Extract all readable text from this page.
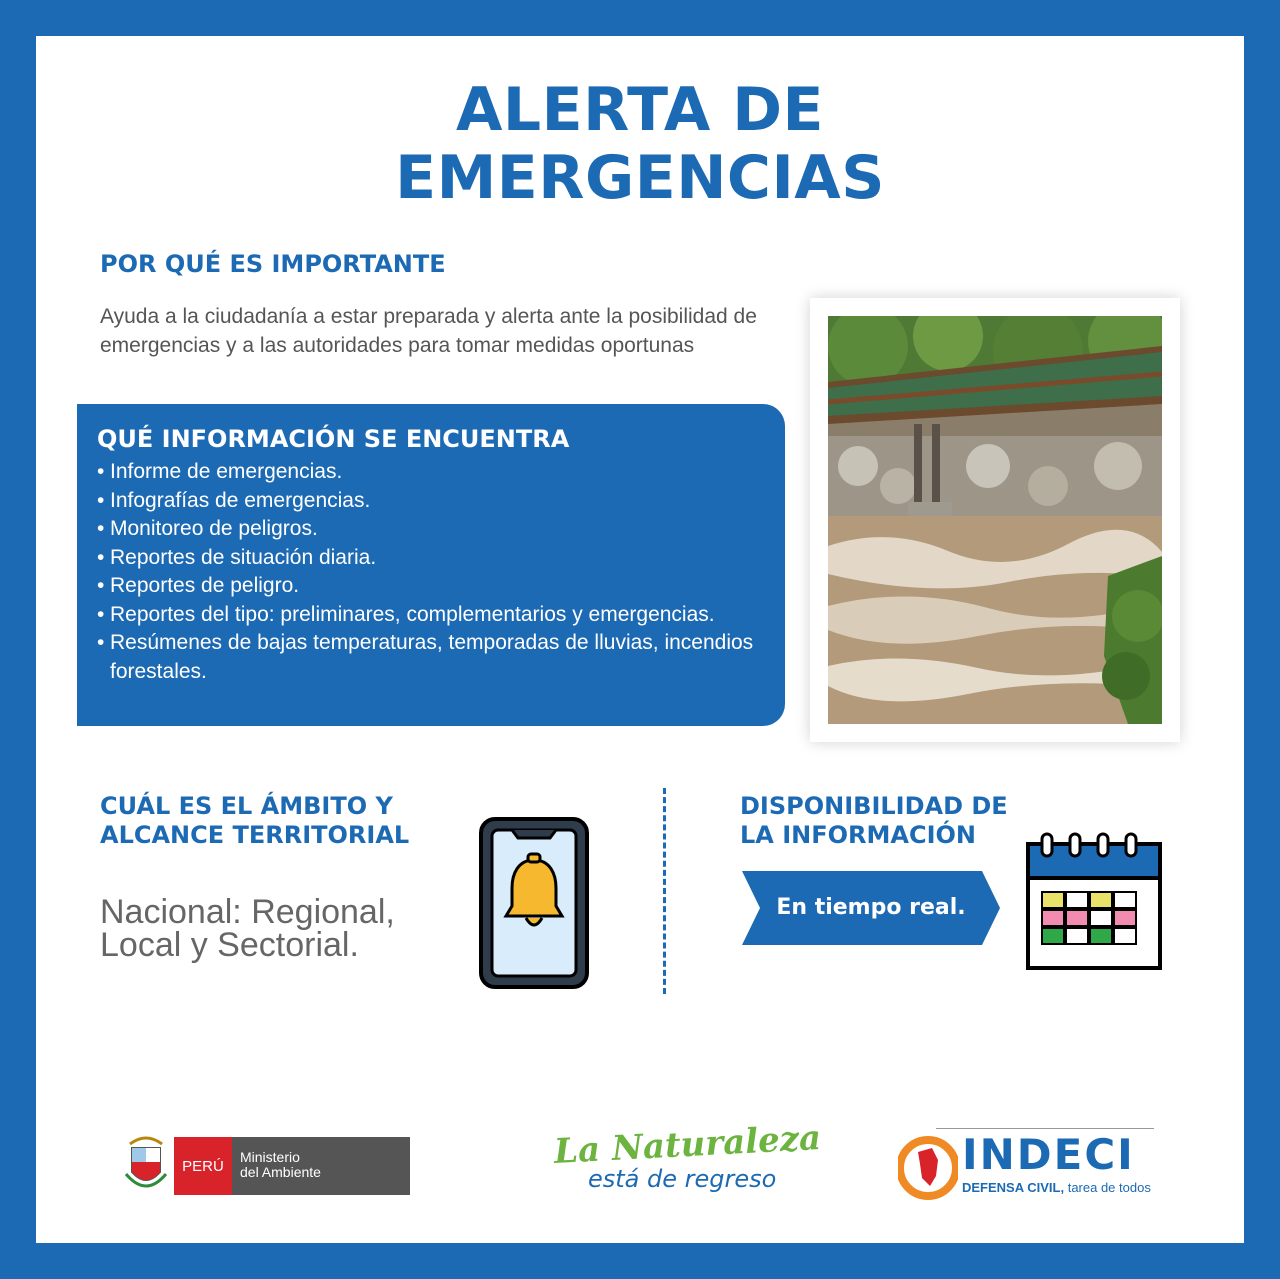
ALERTA DE
EMERGENCIAS
POR QUÉ ES IMPORTANTE

Ayuda a la ciudadanía a estar preparada y alerta ante la posibilidad de emergencias y a las autoridades para tomar medidas oportunas

QUÉ INFORMACIÓN SE ENCUENTRA
• Informe de emergencias.
• Infografías de emergencias.
• Monitoreo de peligros.
• Reportes de situación diaria.
• Reportes de peligro.
• Reportes del tipo: preliminares, complementarios y emergencias.
• Resúmenes de bajas temperaturas, temporadas de lluvias, incendios forestales.
CUÁL ES EL ÁMBITO Y
ALCANCE TERRITORIAL

Nacional: Regional,
Local y Sectorial.

DISPONIBILIDAD DE
LA INFORMACIÓN
En tiempo real.
PERÚ
Ministerio
del Ambiente
La Naturaleza
está de regreso	INDECI
DEFENSA CIVIL, tarea de todos
